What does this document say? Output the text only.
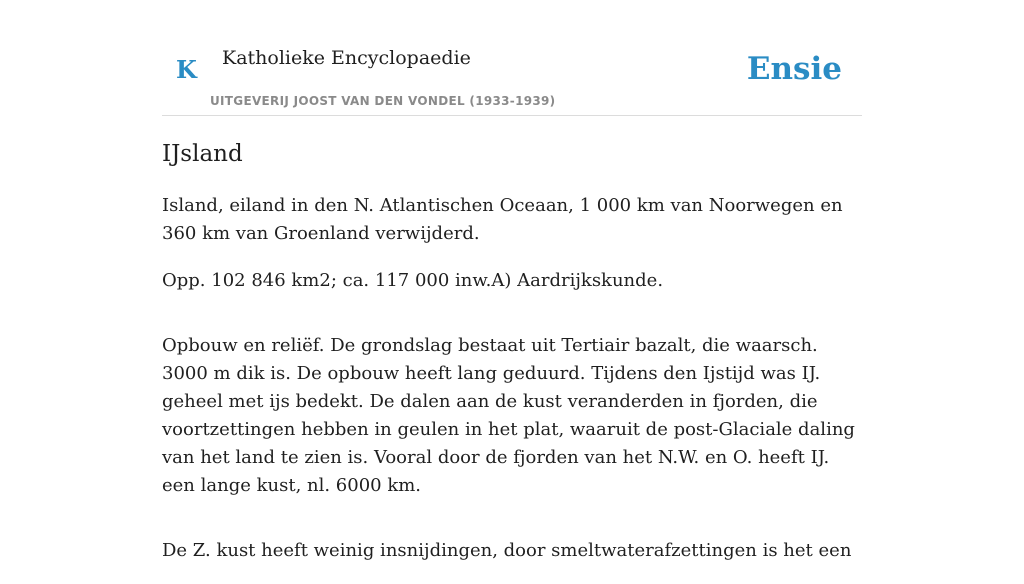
K Katholieke Encyclopaedie
UITGEVERIJ JOOST VAN DEN VONDEL (1933-1939)
Ensie
IJsland

Island, eiland in den N. Atlantischen Oceaan, 1 000 km van Noorwegen en 360 km van Groenland verwijderd.

Opp. 102 846 km2; ca. 117 000 inw.A) Aardrijkskunde.

Opbouw en reliëf. De grondslag bestaat uit Tertiair bazalt, die waarsch. 3000 m dik is. De opbouw heeft lang geduurd. Tijdens den Ijstijd was IJ. geheel met ijs bedekt. De dalen aan de kust veranderden in fjorden, die voortzettingen hebben in geulen in het plat, waaruit de post-Glaciale daling van het land te zien is. Vooral door de fjorden van het N.W. en O. heeft IJ. een lange kust, nl. 6000 km.

De Z. kust heeft weinig insnijdingen, door smeltwaterafzettingen is het een
